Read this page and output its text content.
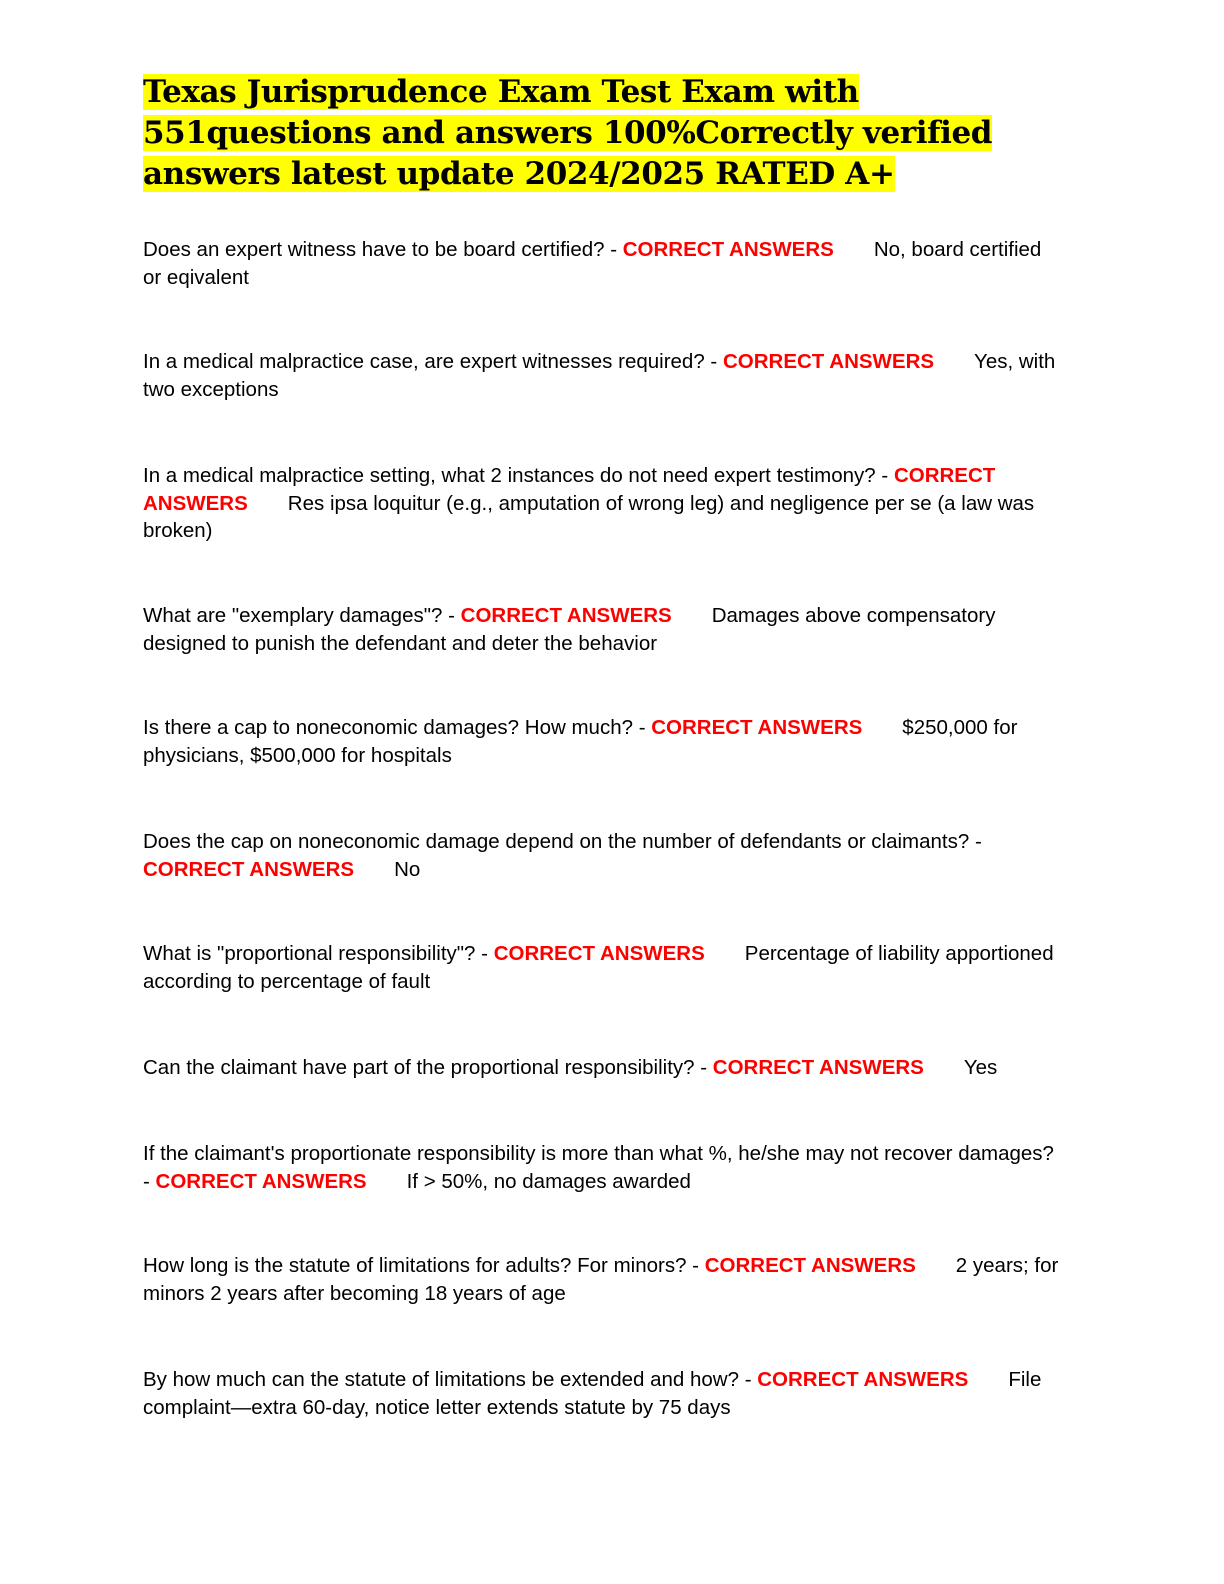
Texas Jurisprudence Exam Test Exam with 551questions and answers 100%Correctly verified answers latest update 2024/2025 RATED A+
Does an expert witness have to be board certified? - CORRECT ANSWERS No, board certified or eqivalent
In a medical malpractice case, are expert witnesses required? - CORRECT ANSWERS Yes, with two exceptions
In a medical malpractice setting, what 2 instances do not need expert testimony? - CORRECT ANSWERS Res ipsa loquitur (e.g., amputation of wrong leg) and negligence per se (a law was broken)
What are "exemplary damages"? - CORRECT ANSWERS Damages above compensatory designed to punish the defendant and deter the behavior
Is there a cap to noneconomic damages? How much? - CORRECT ANSWERS $250,000 for physicians, $500,000 for hospitals
Does the cap on noneconomic damage depend on the number of defendants or claimants? - CORRECT ANSWERS No
What is "proportional responsibility"? - CORRECT ANSWERS Percentage of liability apportioned according to percentage of fault
Can the claimant have part of the proportional responsibility? - CORRECT ANSWERS Yes
If the claimant's proportionate responsibility is more than what %, he/she may not recover damages? - CORRECT ANSWERS If > 50%, no damages awarded
How long is the statute of limitations for adults? For minors? - CORRECT ANSWERS 2 years; for minors 2 years after becoming 18 years of age
By how much can the statute of limitations be extended and how? - CORRECT ANSWERS File complaint—extra 60-day, notice letter extends statute by 75 days
